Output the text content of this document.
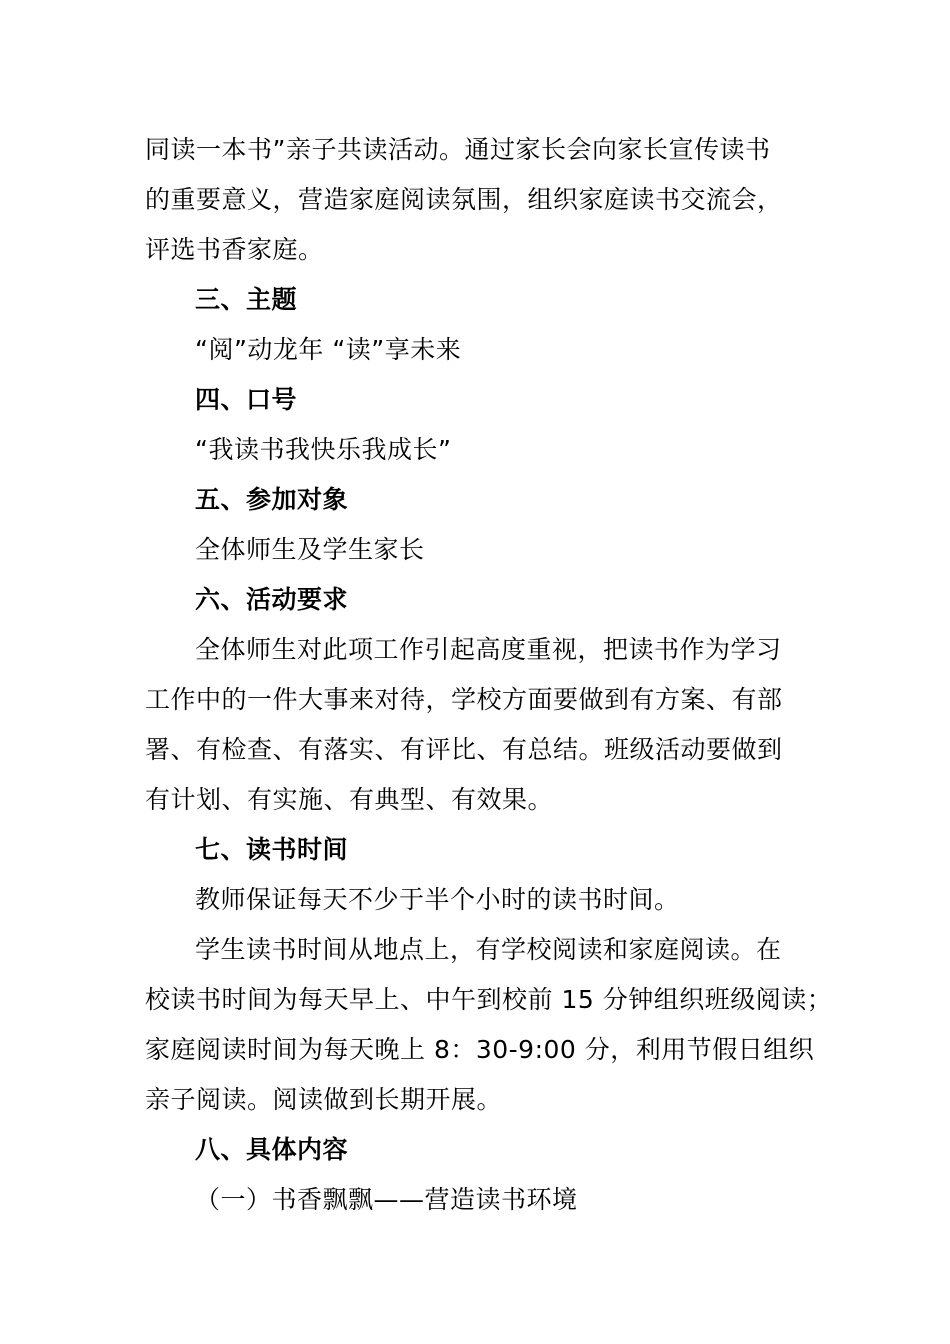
同读一本书”亲子共读活动。通过家长会向家长宣传读书
的重要意义，营造家庭阅读氛围，组织家庭读书交流会，
评选书香家庭。
三、主题
“阅”动龙年 “读”享未来
四、口号
“我读书我快乐我成长”
五、参加对象
全体师生及学生家长
六、活动要求
全体师生对此项工作引起高度重视，把读书作为学习
工作中的一件大事来对待，学校方面要做到有方案、有部
署、有检查、有落实、有评比、有总结。班级活动要做到
有计划、有实施、有典型、有效果。
七、读书时间
教师保证每天不少于半个小时的读书时间。
学生读书时间从地点上，有学校阅读和家庭阅读。在
校读书时间为每天早上、中午到校前 15 分钟组织班级阅读；
家庭阅读时间为每天晚上 8：30-9:00 分，利用节假日组织
亲子阅读。阅读做到长期开展。
八、具体内容
（一）书香飘飘——营造读书环境
